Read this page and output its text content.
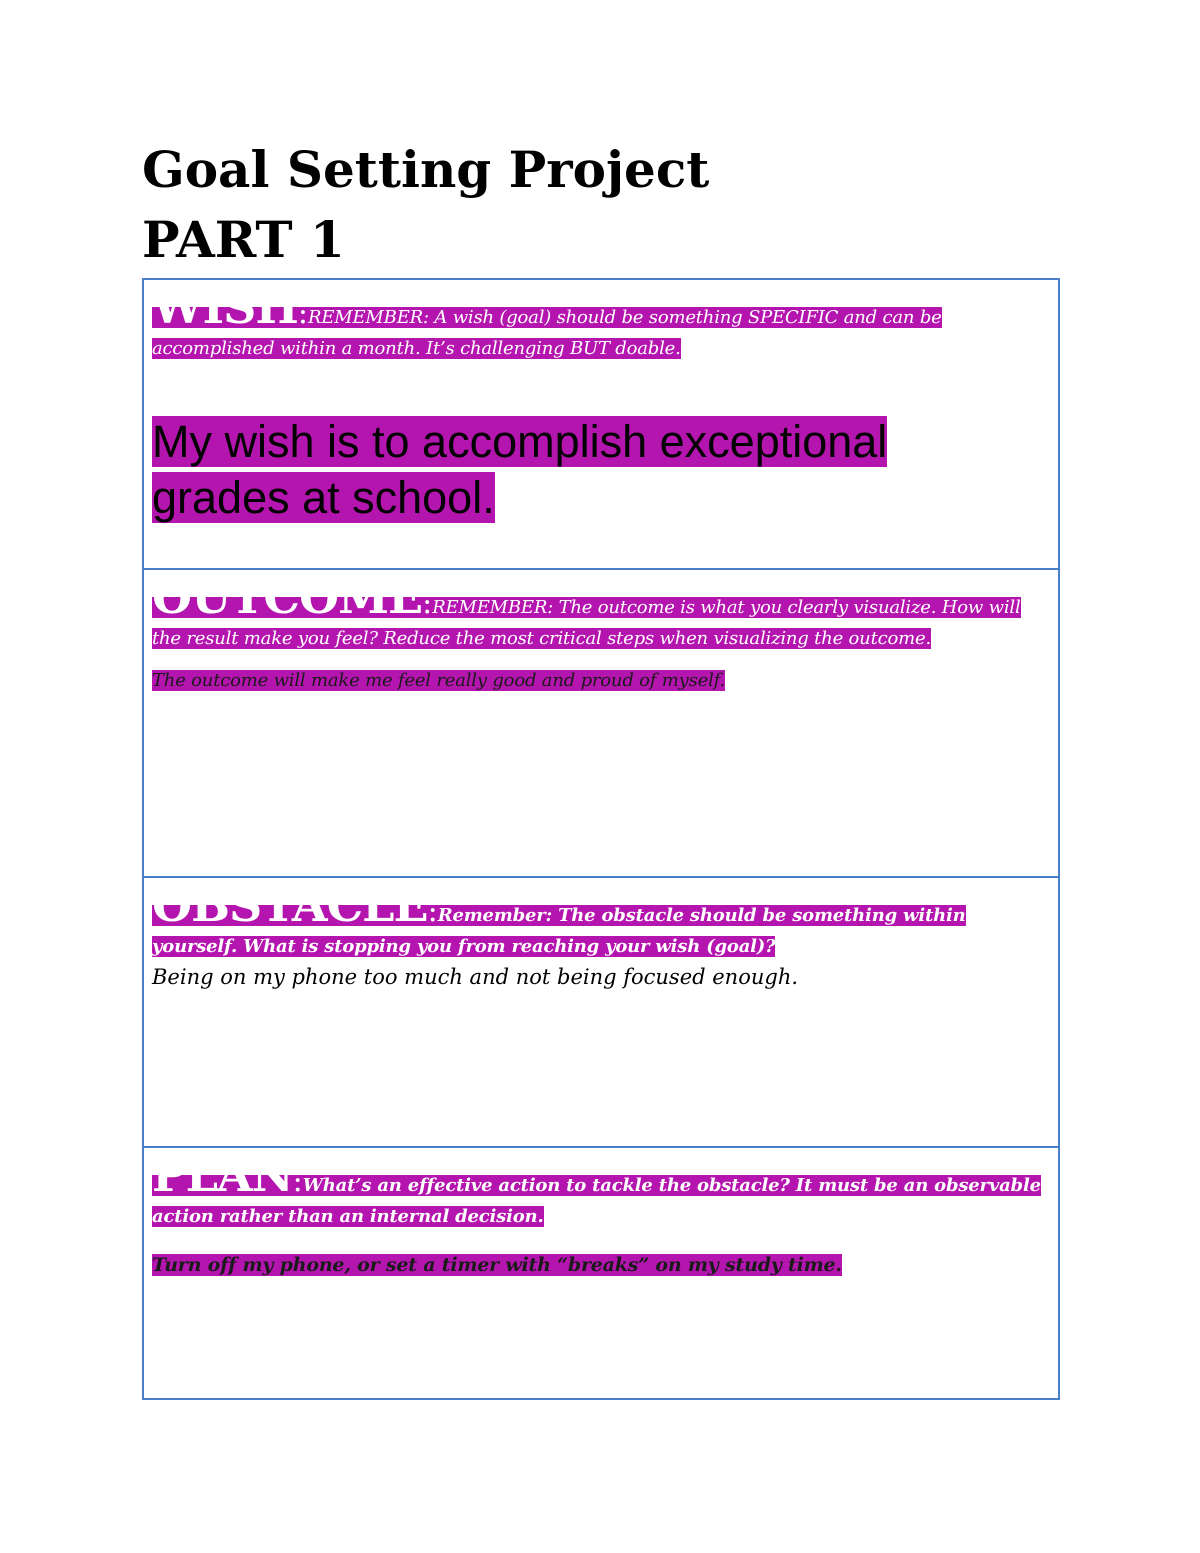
Goal Setting Project
PART 1

WISH:REMEMBER: A wish (goal) should be something SPECIFIC and can be accomplished within a month. It’s challenging BUT doable.

My wish is to accomplish exceptional grades at school.

OUTCOME:REMEMBER: The outcome is what you clearly visualize. How will the result make you feel? Reduce the most critical steps when visualizing the outcome.

The outcome will make me feel really good and proud of myself.

OBSTACLE:Remember: The obstacle should be something within yourself. What is stopping you from reaching your wish (goal)?

Being on my phone too much and not being focused enough.

PLAN:What’s an effective action to tackle the obstacle? It must be an observable action rather than an internal decision.

Turn off my phone, or set a timer with “breaks” on my study time.
